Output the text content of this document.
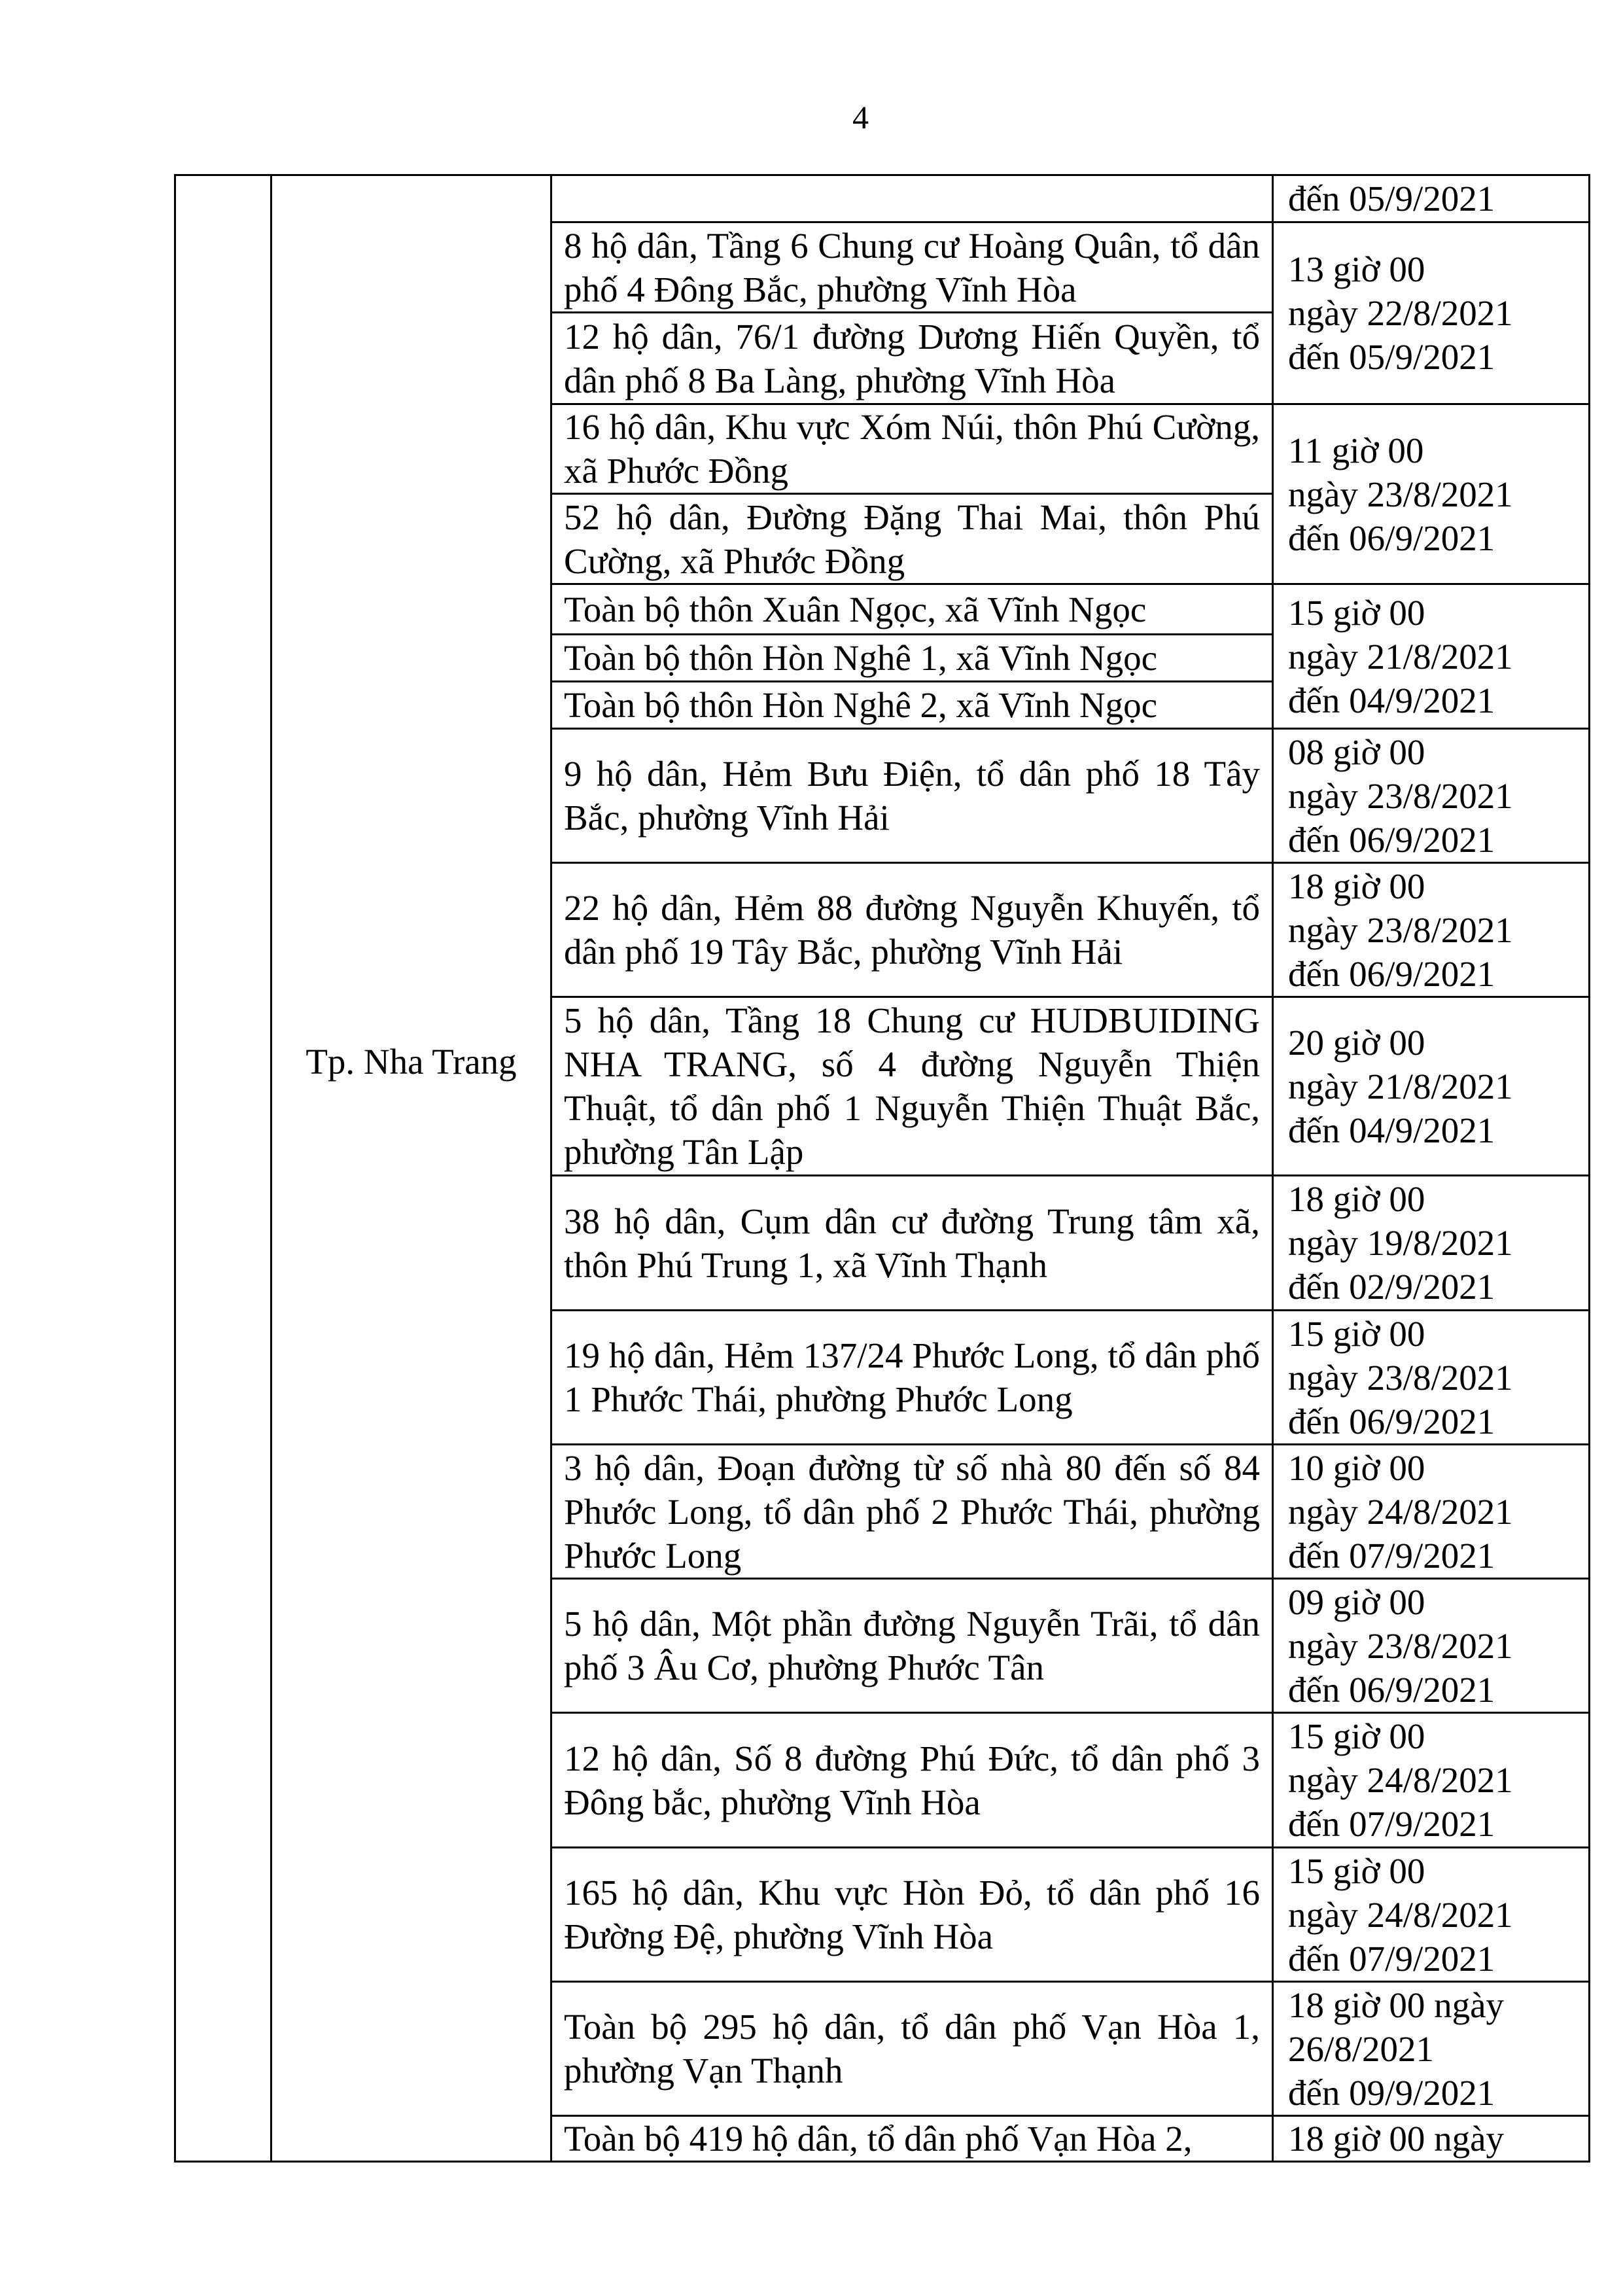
4

	Tp. Nha Trang		đến 05/9/2021

		8 hộ dân, Tầng 6 Chung cư Hoàng Quân, tổ dân phố 4 Đông Bắc, phường Vĩnh Hòa	13 giờ 00
ngày 22/8/2021
đến 05/9/2021

		12 hộ dân, 76/1 đường Dương Hiến Quyền, tổ dân phố 8 Ba Làng, phường Vĩnh Hòa	
		16 hộ dân, Khu vực Xóm Núi, thôn Phú Cường, xã Phước Đồng	11 giờ 00
ngày 23/8/2021
đến 06/9/2021

		52 hộ dân, Đường Đặng Thai Mai, thôn Phú Cường, xã Phước Đồng	
		Toàn bộ thôn Xuân Ngọc, xã Vĩnh Ngọc	15 giờ 00
ngày 21/8/2021
đến 04/9/2021

		Toàn bộ thôn Hòn Nghê 1, xã Vĩnh Ngọc	
		Toàn bộ thôn Hòn Nghê 2, xã Vĩnh Ngọc	
		9 hộ dân, Hẻm Bưu Điện, tổ dân phố 18 Tây Bắc, phường Vĩnh Hải	08 giờ 00
ngày 23/8/2021
đến 06/9/2021

		22 hộ dân, Hẻm 88 đường Nguyễn Khuyến, tổ dân phố 19 Tây Bắc, phường Vĩnh Hải	18 giờ 00
ngày 23/8/2021
đến 06/9/2021

		5 hộ dân, Tầng 18 Chung cư HUDBUIDING NHA TRANG, số 4 đường Nguyễn Thiện Thuật, tổ dân phố 1 Nguyễn Thiện Thuật Bắc, phường Tân Lập	20 giờ 00
ngày 21/8/2021
đến 04/9/2021

		38 hộ dân, Cụm dân cư đường Trung tâm xã, thôn Phú Trung 1, xã Vĩnh Thạnh	18 giờ 00
ngày 19/8/2021
đến 02/9/2021

		19 hộ dân, Hẻm 137/24 Phước Long, tổ dân phố 1 Phước Thái, phường Phước Long	15 giờ 00
ngày 23/8/2021
đến 06/9/2021

		3 hộ dân, Đoạn đường từ số nhà 80 đến số 84 Phước Long, tổ dân phố 2 Phước Thái, phường Phước Long	10 giờ 00
ngày 24/8/2021
đến 07/9/2021

		5 hộ dân, Một phần đường Nguyễn Trãi, tổ dân phố 3 Âu Cơ, phường Phước Tân	09 giờ 00
ngày 23/8/2021
đến 06/9/2021

		12 hộ dân, Số 8 đường Phú Đức, tổ dân phố 3 Đông bắc, phường Vĩnh Hòa	15 giờ 00
ngày 24/8/2021
đến 07/9/2021

		165 hộ dân, Khu vực Hòn Đỏ, tổ dân phố 16 Đường Đệ, phường Vĩnh Hòa	15 giờ 00
ngày 24/8/2021
đến 07/9/2021

		Toàn bộ 295 hộ dân, tổ dân phố Vạn Hòa 1, phường Vạn Thạnh	18 giờ 00 ngày
26/8/2021
đến 09/9/2021

		Toàn bộ 419 hộ dân, tổ dân phố Vạn Hòa 2,	18 giờ 00 ngày
